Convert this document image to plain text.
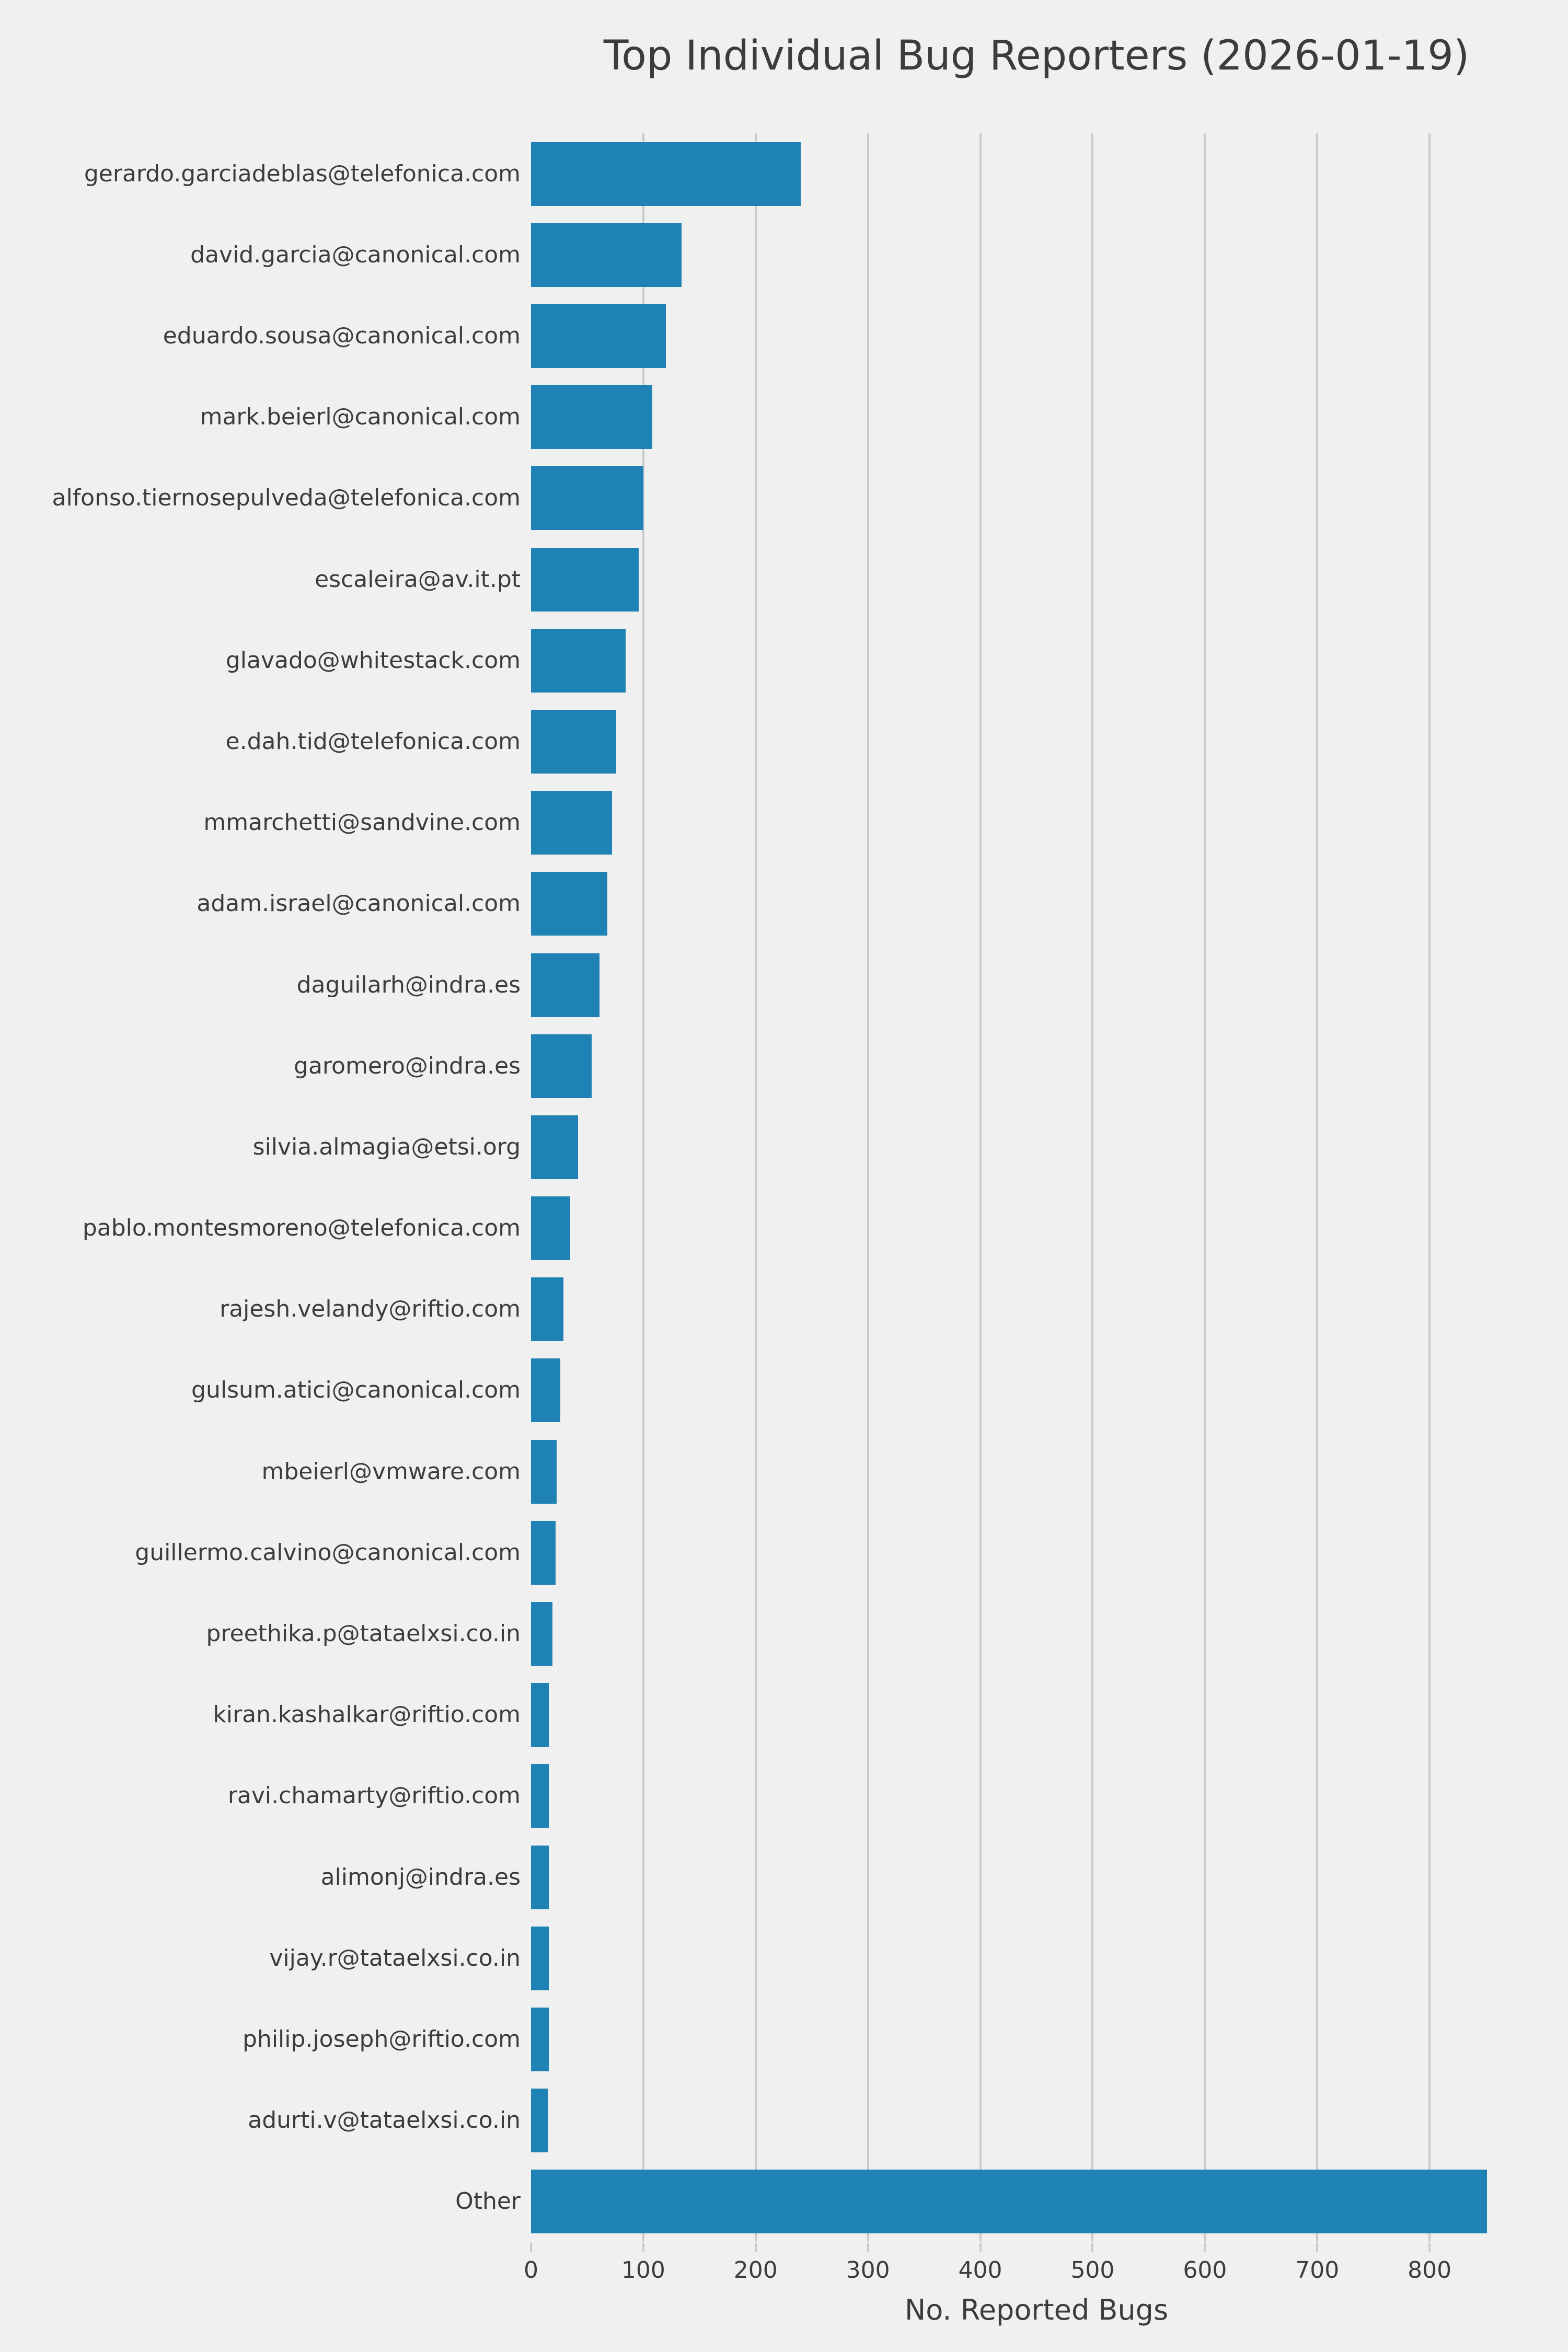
Top Individual Bug Reporters (2026-01-19)
No. Reported Bugs
gerardo.garciadeblas@telefonica.com
david.garcia@canonical.com
eduardo.sousa@canonical.com
mark.beierl@canonical.com
alfonso.tiernosepulveda@telefonica.com
escaleira@av.it.pt
glavado@whitestack.com
e.dah.tid@telefonica.com
mmarchetti@sandvine.com
adam.israel@canonical.com
daguilarh@indra.es
garomero@indra.es
silvia.almagia@etsi.org
pablo.montesmoreno@telefonica.com
rajesh.velandy@riftio.com
gulsum.atici@canonical.com
mbeierl@vmware.com
guillermo.calvino@canonical.com
preethika.p@tataelxsi.co.in
kiran.kashalkar@riftio.com
ravi.chamarty@riftio.com
alimonj@indra.es
vijay.r@tataelxsi.co.in
philip.joseph@riftio.com
adurti.v@tataelxsi.co.in
Other
0	100	200	300	400	500	600	700	800
